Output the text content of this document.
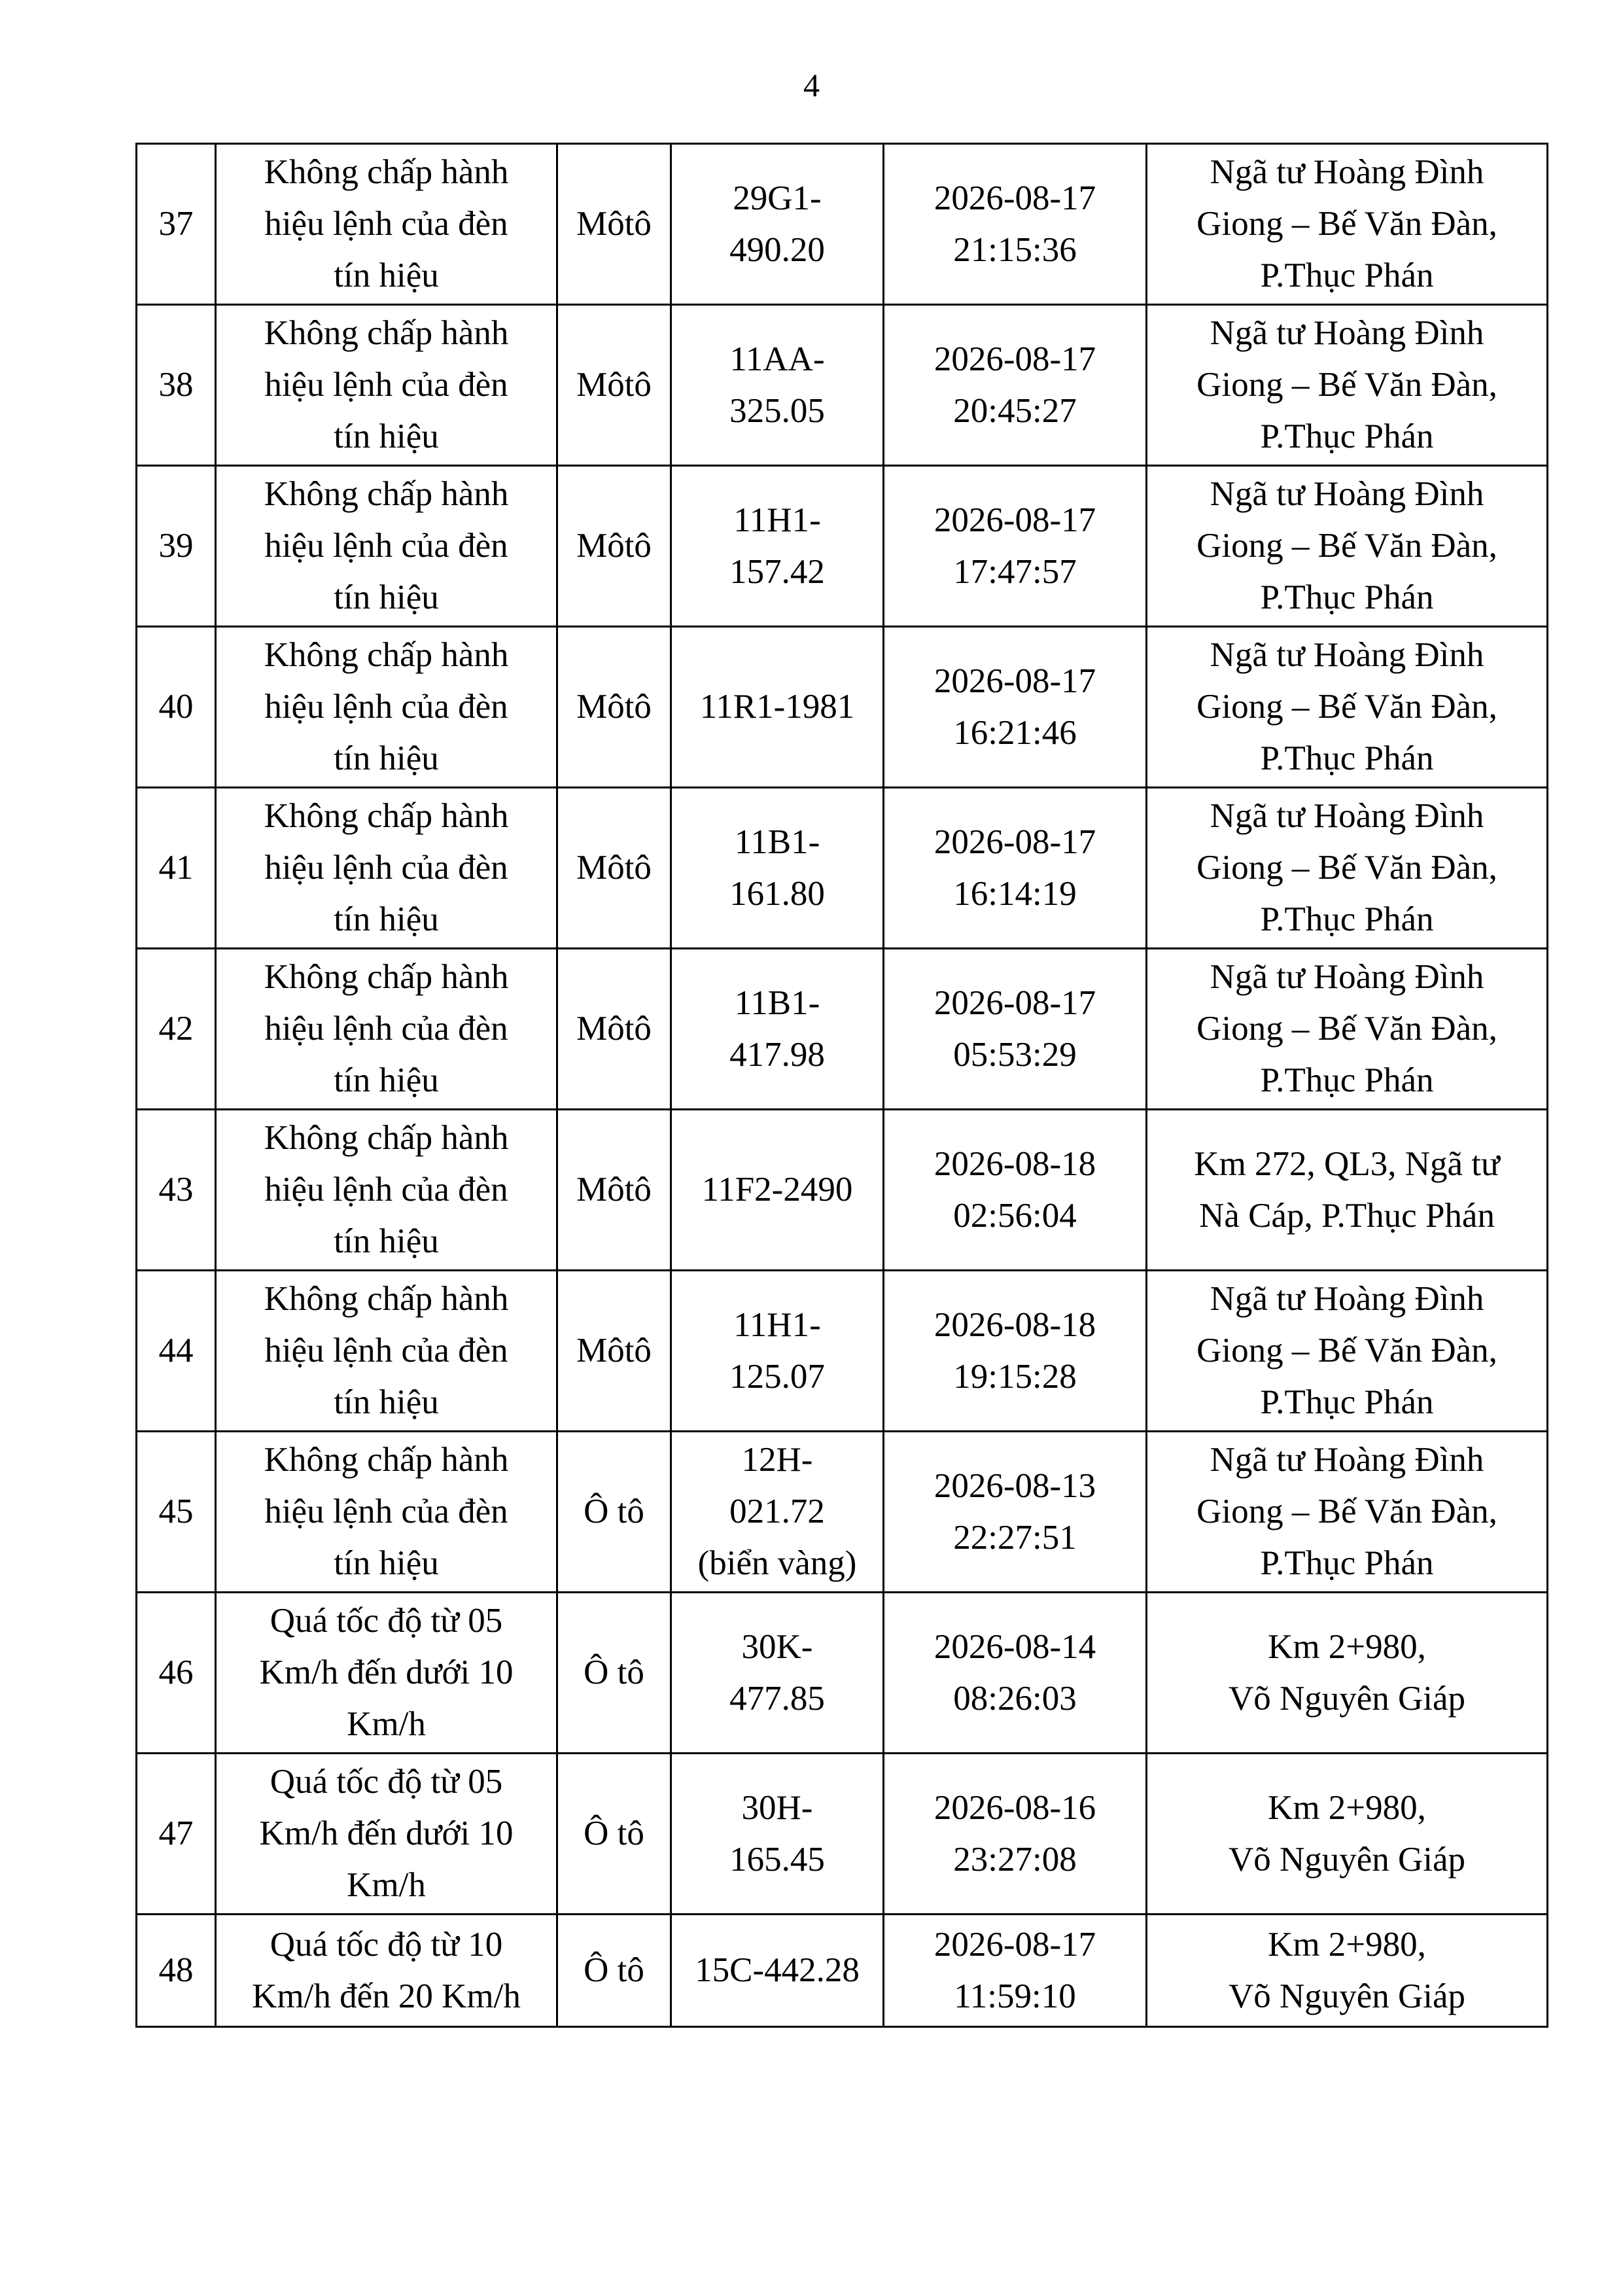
4
37	Không chấp hành
hiệu lệnh của đèn
tín hiệu	Môtô	29G1-
490.20	2026-08-17
21:15:36	Ngã tư Hoàng Đình
Giong – Bế Văn Đàn,
P.Thục Phán

38	Không chấp hành
hiệu lệnh của đèn
tín hiệu	Môtô	11AA-
325.05	2026-08-17
20:45:27	Ngã tư Hoàng Đình
Giong – Bế Văn Đàn,
P.Thục Phán

39	Không chấp hành
hiệu lệnh của đèn
tín hiệu	Môtô	11H1-
157.42	2026-08-17
17:47:57	Ngã tư Hoàng Đình
Giong – Bế Văn Đàn,
P.Thục Phán

40	Không chấp hành
hiệu lệnh của đèn
tín hiệu	Môtô	11R1-1981	2026-08-17
16:21:46	Ngã tư Hoàng Đình
Giong – Bế Văn Đàn,
P.Thục Phán

41	Không chấp hành
hiệu lệnh của đèn
tín hiệu	Môtô	11B1-
161.80	2026-08-17
16:14:19	Ngã tư Hoàng Đình
Giong – Bế Văn Đàn,
P.Thục Phán

42	Không chấp hành
hiệu lệnh của đèn
tín hiệu	Môtô	11B1-
417.98	2026-08-17
05:53:29	Ngã tư Hoàng Đình
Giong – Bế Văn Đàn,
P.Thục Phán

43	Không chấp hành
hiệu lệnh của đèn
tín hiệu	Môtô	11F2-2490	2026-08-18
02:56:04	Km 272, QL3, Ngã tư
Nà Cáp, P.Thục Phán

44	Không chấp hành
hiệu lệnh của đèn
tín hiệu	Môtô	11H1-
125.07	2026-08-18
19:15:28	Ngã tư Hoàng Đình
Giong – Bế Văn Đàn,
P.Thục Phán

45	Không chấp hành
hiệu lệnh của đèn
tín hiệu	Ô tô	12H-
021.72
(biển vàng)	2026-08-13
22:27:51	Ngã tư Hoàng Đình
Giong – Bế Văn Đàn,
P.Thục Phán

46	Quá tốc độ từ 05
Km/h đến dưới 10
Km/h	Ô tô	30K-
477.85	2026-08-14
08:26:03	Km 2+980,
Võ Nguyên Giáp

47	Quá tốc độ từ 05
Km/h đến dưới 10
Km/h	Ô tô	30H-
165.45	2026-08-16
23:27:08	Km 2+980,
Võ Nguyên Giáp

48	Quá tốc độ từ 10
Km/h đến 20 Km/h	Ô tô	15C-442.28	2026-08-17
11:59:10	Km 2+980,
Võ Nguyên Giáp
